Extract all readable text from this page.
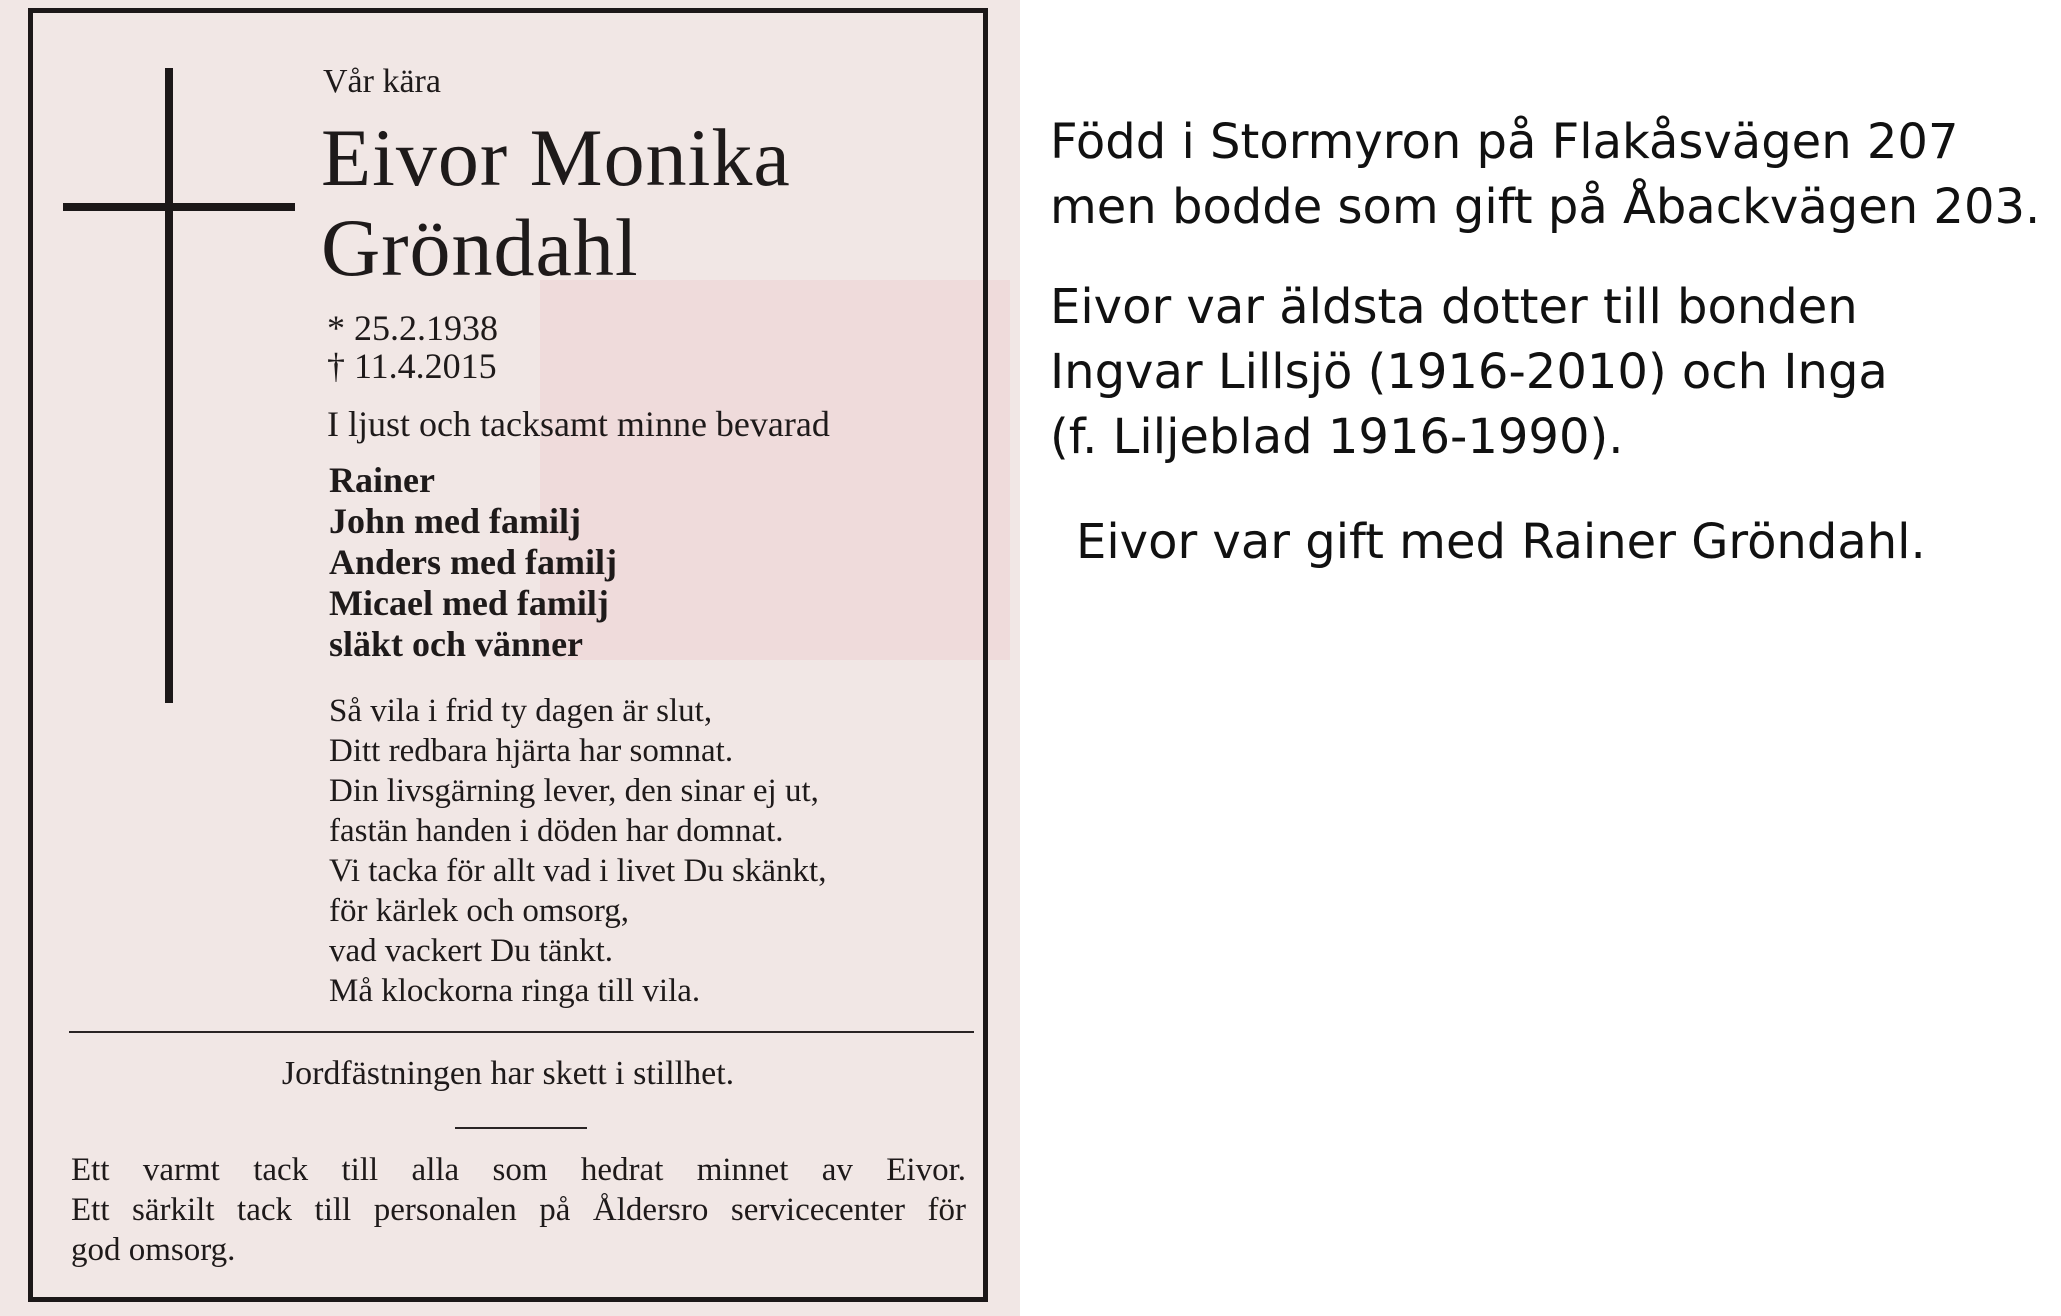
Vår kära
Eivor Monika
Gröndahl
* 25.2.1938
† 11.4.2015
I ljust och tacksamt minne bevarad
Rainer
John med familj
Anders med familj
Micael med familj
släkt och vänner
Så vila i frid ty dagen är slut,
Ditt redbara hjärta har somnat.
Din livsgärning lever, den sinar ej ut,
fastän handen i döden har domnat.
Vi tacka för allt vad i livet Du skänkt,
för kärlek och omsorg,
vad vackert Du tänkt.
Må klockorna ringa till vila.
Jordfästningen har skett i stillhet.
Ett varmt tack till alla som hedrat minnet av Eivor.
Ett särkilt tack till personalen på Åldersro servicecenter för
god omsorg.
Född i Stormyron på Flakåsvägen 207
men bodde som gift på Åbackvägen 203.
Eivor var äldsta dotter till bonden
Ingvar Lillsjö (1916-2010) och Inga
(f. Liljeblad 1916-1990).
Eivor var gift med Rainer Gröndahl.
